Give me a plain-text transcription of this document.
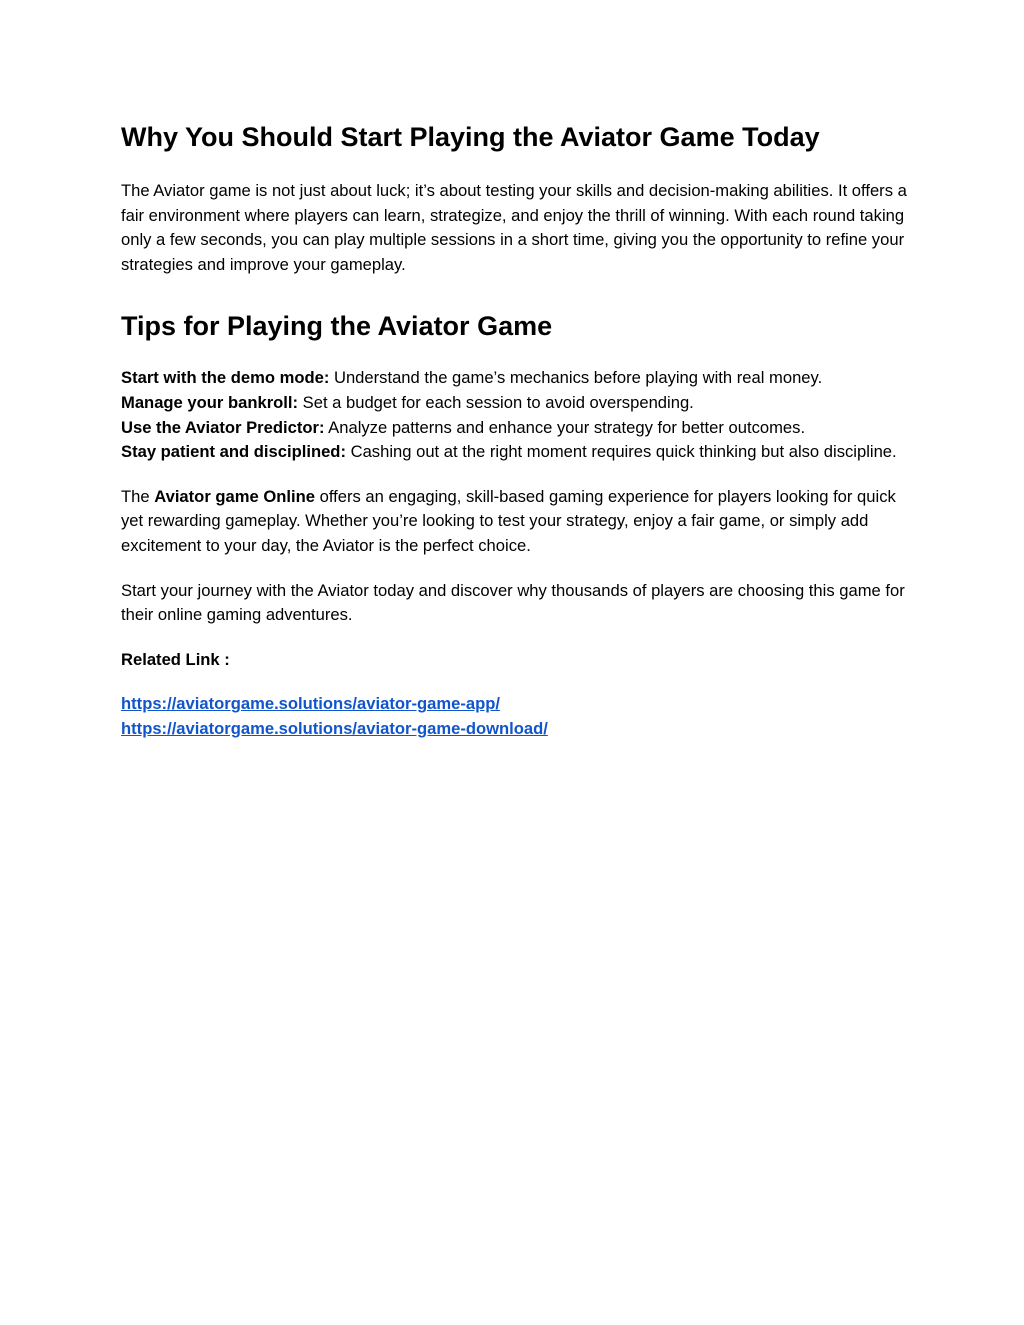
Why You Should Start Playing the Aviator Game Today

The Aviator game is not just about luck; it’s about testing your skills and decision-making abilities. It offers a fair environment where players can learn, strategize, and enjoy the thrill of winning. With each round taking only a few seconds, you can play multiple sessions in a short time, giving you the opportunity to refine your strategies and improve your gameplay.

Tips for Playing the Aviator Game

Start with the demo mode: Understand the game’s mechanics before playing with real money.
Manage your bankroll: Set a budget for each session to avoid overspending.
Use the Aviator Predictor: Analyze patterns and enhance your strategy for better outcomes.
Stay patient and disciplined: Cashing out at the right moment requires quick thinking but also discipline.

The Aviator game Online offers an engaging, skill-based gaming experience for players looking for quick yet rewarding gameplay. Whether you’re looking to test your strategy, enjoy a fair game, or simply add excitement to your day, the Aviator is the perfect choice.

Start your journey with the Aviator today and discover why thousands of players are choosing this game for their online gaming adventures.

Related Link :

https://aviatorgame.solutions/aviator-game-app/
https://aviatorgame.solutions/aviator-game-download/
